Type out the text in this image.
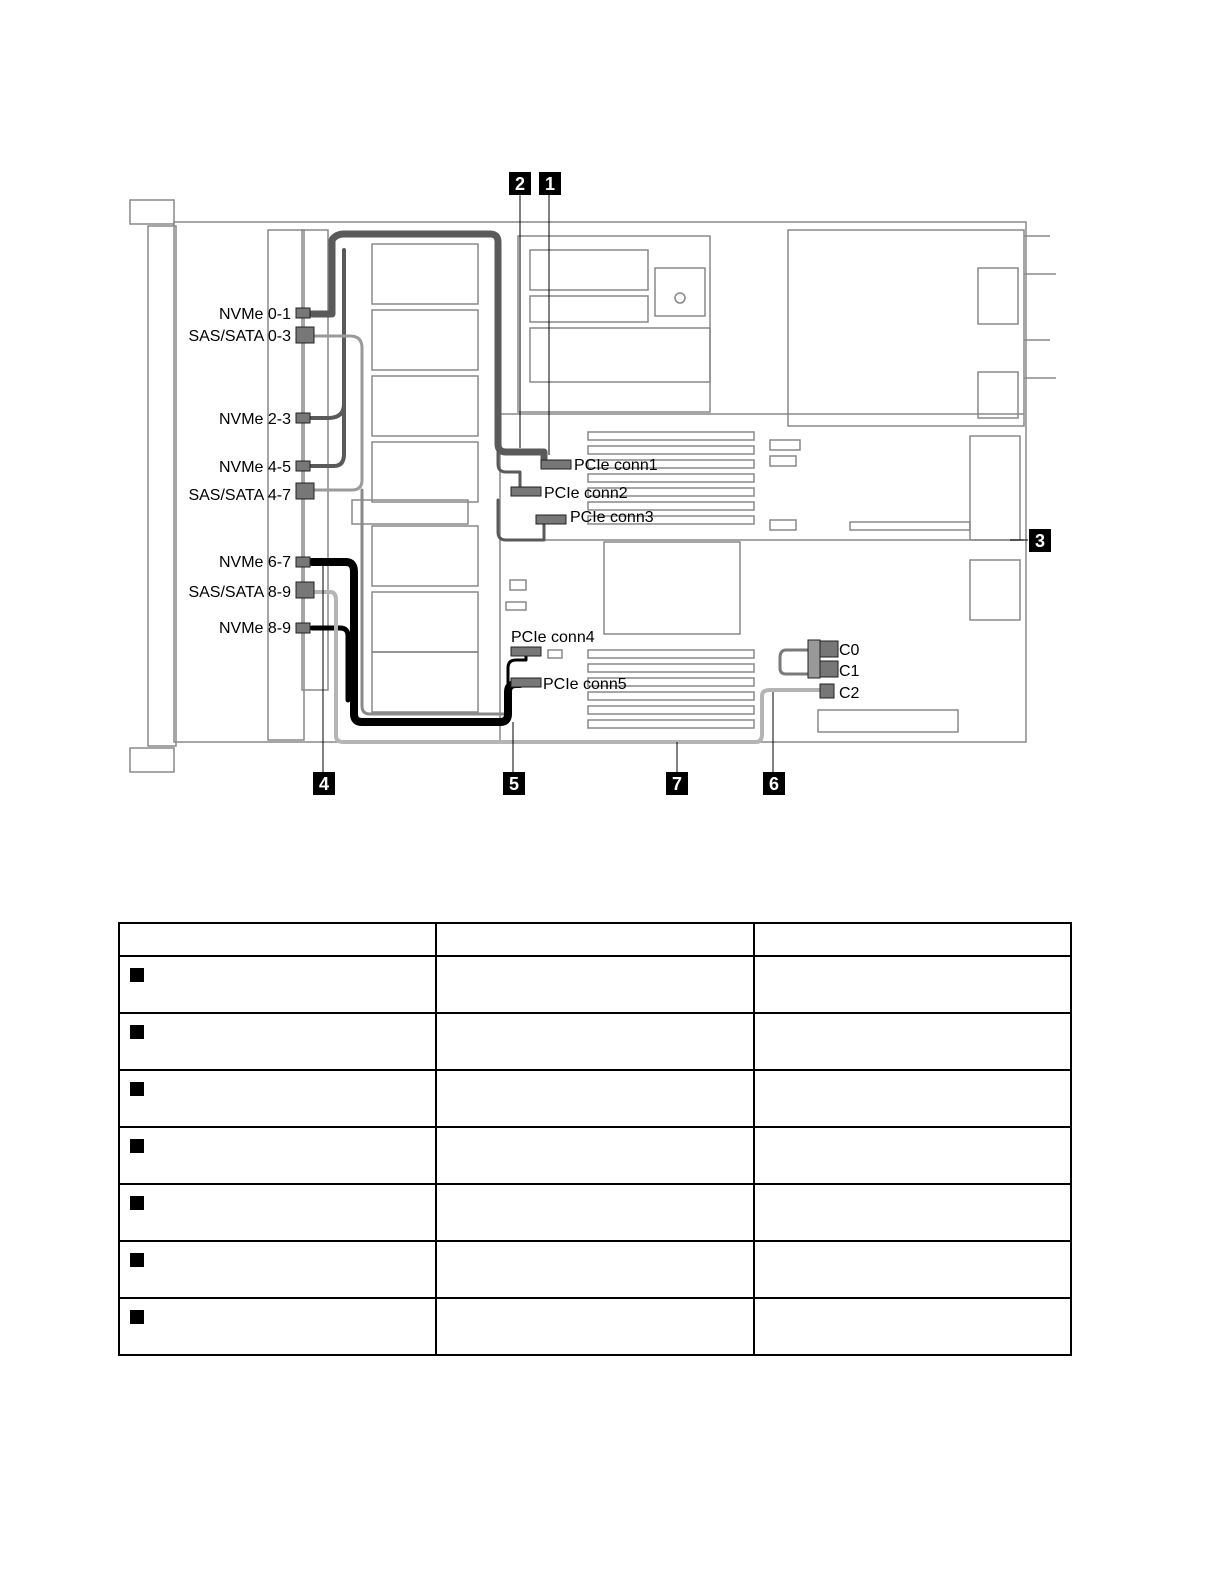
NVMe 0-1
SAS/SATA 0-3
NVMe 2-3
NVMe 4-5
SAS/SATA 4-7
NVMe 6-7
SAS/SATA 8-9
NVMe 8-9
PCIe conn1
PCIe conn2
PCIe conn3
PCIe conn4
PCIe conn5
C0
C1
C2
1
2
3
4	5	7	6
